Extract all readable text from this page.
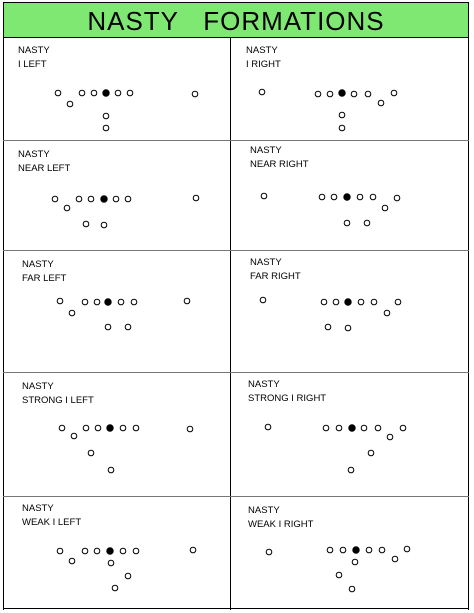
NASTY FORMATIONS
NASTY
I LEFT
NASTY
I RIGHT
NASTY
NEAR LEFT
NASTY
NEAR RIGHT
NASTY
FAR LEFT
NASTY
FAR RIGHT
NASTY
STRONG I LEFT
NASTY
STRONG I RIGHT
NASTY
WEAK I LEFT
NASTY
WEAK I RIGHT
